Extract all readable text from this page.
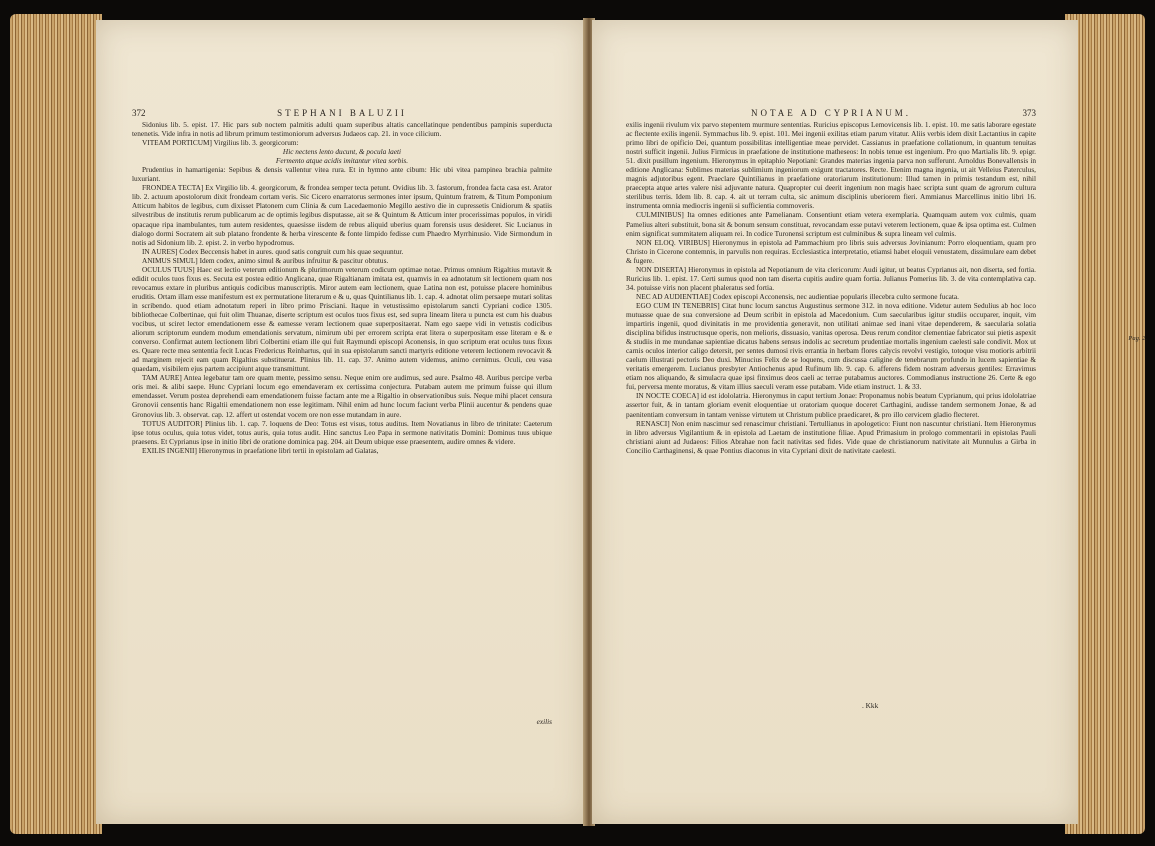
372	STEPHANI BALUZII

Sidonius lib. 5. epist. 17. Hic pars sub noctem palmitis adulti quam superibus altatis cancellatinque pendentibus pampinis superducta tenenetis. Vide infra in notis ad librum primum testimoniorum adversus Judaeos cap. 21. in voce cilicium.

VITEAM PORTICUM] Virgilius lib. 3. georgicorum:

Hic nectens lento ducunt, & pocula laeti

Fermento atque acidis imitantur vitea sorbis.

Prudentius in hamartigenia: Sepibus & densis vallentur vitea rura. Et in hymno ante cibum: Hic ubi vitea pampinea brachia palmite luxuriant.

FRONDEA TECTA] Ex Virgilio lib. 4. georgicorum, & frondea semper tecta petunt. Ovidius lib. 3. fastorum, frondea facta casa est. Arator lib. 2. actuum apostolorum dixit frondeam cortam veris. Sic Cicero enarratorus sermones inter ipsum, Quintum fratrem, & Titum Pomponium Atticum habitos de legibus, cum dixisset Platonem cum Clinia & cum Lacedaemonio Megillo aestivo die in cupressetis Cnidiorum & spatiis silvestribus de institutis rerum publicarum ac de optimis legibus disputasse, ait se & Quintum & Atticum inter procerissimas populos, in viridi opacaque ripa inambulantes, tum autem residentes, quaesisse iisdem de rebus aliquid uberius quam forensis usus desideret. Sic Lucianus in dialogo dormi Socratem ait sub platano frondente & herba virescente & fonte limpido fedisse cum Phaedro Myrrhinusio. Vide Sirmondum in notis ad Sidonium lib. 2. epist. 2. in verbo hypodromus.

IN AURES] Codex Beccensis habet in aures. quod satis congruit cum his quae sequuntur.

ANIMUS SIMUL] Idem codex, animo simul & auribus infruitur & pascitur obtutus.

OCULUS TUUS] Haec est lectio veterum editionum & plurimorum veterum codicum optimae notae. Primus omnium Rigaltius mutavit & edidit oculos tuos fixus es. Secuta est postea editio Anglicana, quae Rigaltianam imitata est, quamvis in ea adnotatum sit lectionem quam nos revocamus extare in pluribus antiquis codicibus manuscriptis. Miror autem eam lectionem, quae Latina non est, potuisse placere hominibus eruditis. Ortam illam esse manifestum est ex permutatione literarum e & u, quas Quintilianus lib. 1. cap. 4. adnotat olim persaepe mutari solitas in scribendo. quod etiam adnotatum reperi in libro primo Prisciani. Itaque in vetustissimo epistolarum sancti Cypriani codice 1305. bibliothecae Colbertinae, qui fuit olim Thuanae, diserte scriptum est oculos tuos fixus est, sed supra lineam litera u puncta est cum his duabus vocibus, ut sciret lector emendationem esse & eamesse veram lectionem quae superpositaerat. Nam ego saepe vidi in vetustis codicibus aliorum scriptorum eundem modum emendationis servatum, nimirum ubi per errorem scripta erat litera o superpositam esse literam e & e converso. Confirmat autem lectionem libri Colbertini etiam ille qui fuit Raymundi episcopi Aconensis, in quo scriptum erat oculus tuus fixus es. Quare recte mea sententia fecit Lucas Fredericus Reinhartus, qui in sua epistolarum sancti martyris editione veterem lectionem revocavit & ad marginem rejecit eam quam Rigaltius substituerat. Plinius lib. 11. cap. 37. Animo autem videmus, animo cernimus. Oculi, ceu vasa quaedam, visibilem ejus partem accipiunt atque transmittunt.

TAM AURE] Antea legebatur tam ore quam mente, pessimo sensu. Neque enim ore audimus, sed aure. Psalmo 48. Auribus percipe verba oris mei. & alibi saepe. Hunc Cypriani locum ego emendaveram ex certissima conjectura. Putabam autem me primum fuisse qui illum emendasset. Verum postea deprehendi eam emendationem fuisse factam ante me a Rigaltio in observationibus suis. Neque mihi placet censura Gronovii censentis hanc Rigaltii emendationem non esse legitimam. Nihil enim ad hunc locum faciunt verba Plinii aucentur & pendens quae Gronovius lib. 3. observat. cap. 12. affert ut ostendat vocem ore non esse mutandam in aure.

TOTUS AUDITOR] Plinius lib. 1. cap. 7. loquens de Deo: Totus est visus, totus auditus. Item Novatianus in libro de trinitate: Caeterum ipse totus oculus, quia totus videt, totus auris, quia totus audit. Hinc sanctus Leo Papa in sermone nativitatis Domini: Dominus tuus ubique praesens. Et Cyprianus ipse in initio libri de oratione dominica pag. 204. ait Deum ubique esse praesentem, audire omnes & videre.

EXILIS INGENII] Hieronymus in praefatione libri tertii in epistolam ad Galatas,

exilis
NOTAE AD CYPRIANUM.	373

exilis ingenii rivulum vix parvo stepentem murmure sententias. Ruricius episcopus Lemovicensis lib. 1. epist. 10. me satis laborare egestate ac flectente exilis ingenii. Symmachus lib. 9. epist. 101. Mei ingenii exilitas etiam parum vitatur. Aliis verbis idem dixit Lactantius in capite primo libri de opificio Dei, quantum possibilitas intelligentiae meae pervidet. Cassianus in praefatione collationum, in quantum tenuitas nostri sufficit ingenii. Julius Firmicus in praefatione de institutione matheseos: In nobis tenue est ingenium. Pro quo Martialis lib. 9. epigr. 51. dixit pusillum ingenium. Hieronymus in epitaphio Nepotiani: Grandes materias ingenia parva non sufferunt. Arnoldus Bonevallensis in editione Anglicana: Sublimes materias sublimium ingeniorum exigunt tractatores. Recte. Etenim magna ingenia, ut ait Velleius Paterculus, magnis adjutoribus egent. Praeclare Quintilianus in praefatione oratoriarum institutionum: Illud tamen in primis testandum est, nihil praecepta atque artes valere nisi adjuvante natura. Quapropter cui deerit ingenium non magis haec scripta sunt quam de agrorum cultura sterilibus terris. Idem lib. 8. cap. 4. ait ut terram culta, sic animum disciplinis uberiorem fieri. Ammianus Marcellinus initio libri 16. instrumenta omnia mediocris ingenii si sufficientia commoveris.

CULMINIBUS] Ita omnes editiones ante Pamelianam. Consentiunt etiam vetera exemplaria. Quamquam autem vox culmis, quam Pamelius alteri substituit, bona sit & bonum sensum constituat, revocandam esse putavi veterem lectionem, quae & ipsa optima est. Culmen enim significat summitatem aliquam rei. In codice Turonensi scriptum est culminibus & supra lineam vel culmis.

NON ELOQ. VIRIBUS] Hieronymus in epistola ad Pammachium pro libris suis adversus Jovinianum: Porro eloquentiam, quam pro Christo in Cicerone contemnis, in parvulis non requiras. Ecclesiastica interpretatio, etiamsi habet eloquii venustatem, dissimulare eam debet & fugere.

NON DISERTA] Hieronymus in epistola ad Nepotianum de vita clericorum: Audi igitur, ut beatus Cyprianus ait, non diserta, sed fortia. Ruricius lib. 1. epist. 17. Certi sumus quod non tam diserta cupitis audire quam fortia. Julianus Pomerius lib. 3. de vita contemplativa cap. 34. potuisse viris non placent phaleratus sed fortia.

NEC AD AUDIENTIAE] Codex episcopi Acconensis, nec audientiae popularis illecebra culto sermone fucata.

EGO CUM IN TENEBRIS] Citat hunc locum sanctus Augustinus sermone 312. in nova editione. Videtur autem Sedulius ab hoc loco mutuasse quae de sua conversione ad Deum scribit in epistola ad Macedonium. Cum saecularibus igitur studiis occuparer, inquit, vim impartiris ingenii, quod divinitatis in me providentia generavit, non utilitati animae sed inani vitae dependerem, & saecularia solatia disciplina bifidus instructusque operis, non melioris, dissuasio, vanitas operosa. Deus rerum conditor clementiae fabricator sui pietis aspexit & studiis in me mundanae sapientiae dicatus habens sensus indolis ac secretum prudentiae mortalis ingenium caelesti sale condivit. Mox ut carnis oculos interior caligo detersit, per sentes dumosi rivis errantia in herbam flores calycis revolvi vestigio, totoque visu motioris arbitrii caelum illustrati pectoris Deo duxi. Minucius Felix de se loquens, cum discussa caligine de tenebrarum profundo in lucem sapientiae & veritatis emergerem. Lucianus presbyter Antiochenus apud Rufinum lib. 9. cap. 6. afferens fidem nostram adversus gentiles: Erravimus etiam nos aliquando, & simulacra quae ipsi finximus deos caeli ac terrae putabamus auctores. Commodianus instructione 26. Certe & ego fui, perversa mente moratus, & vitam illius saeculi veram esse putabam. Vide etiam instruct. 1. & 33.

IN NOCTE COECA] id est idololatria. Hieronymus in caput tertium Jonae: Proponamus nobis beatum Cyprianum, qui prius idololatriae assertor fuit, & in tantam gloriam evenit eloquentiae ut oratoriam quoque doceret Carthagini, audisse tandem sermonem Jonae, & ad paenitentiam conversum in tantam venisse virtutem ut Christum publice praedicaret, & pro illo cervicem gladio flecteret.

RENASCI] Non enim nascimur sed renascimur christiani. Tertullianus in apologetico: Fiunt non nascuntur christiani. Item Hieronymus in libro adversus Vigilantium & in epistola ad Laetam de institutione filiae. Apud Primasium in prologo commentarii in epistolas Pauli christiani aiunt ad Judaeos: Filios Abrahae non facit nativitas sed fides. Vide quae de christianorum nativitate ait Munnulus a Girba in Concilio Carthaginensi, & quae Pontius diaconus in vita Cypriani dixit de nativitate caelesti.

. Kkk
Pag. 2.
